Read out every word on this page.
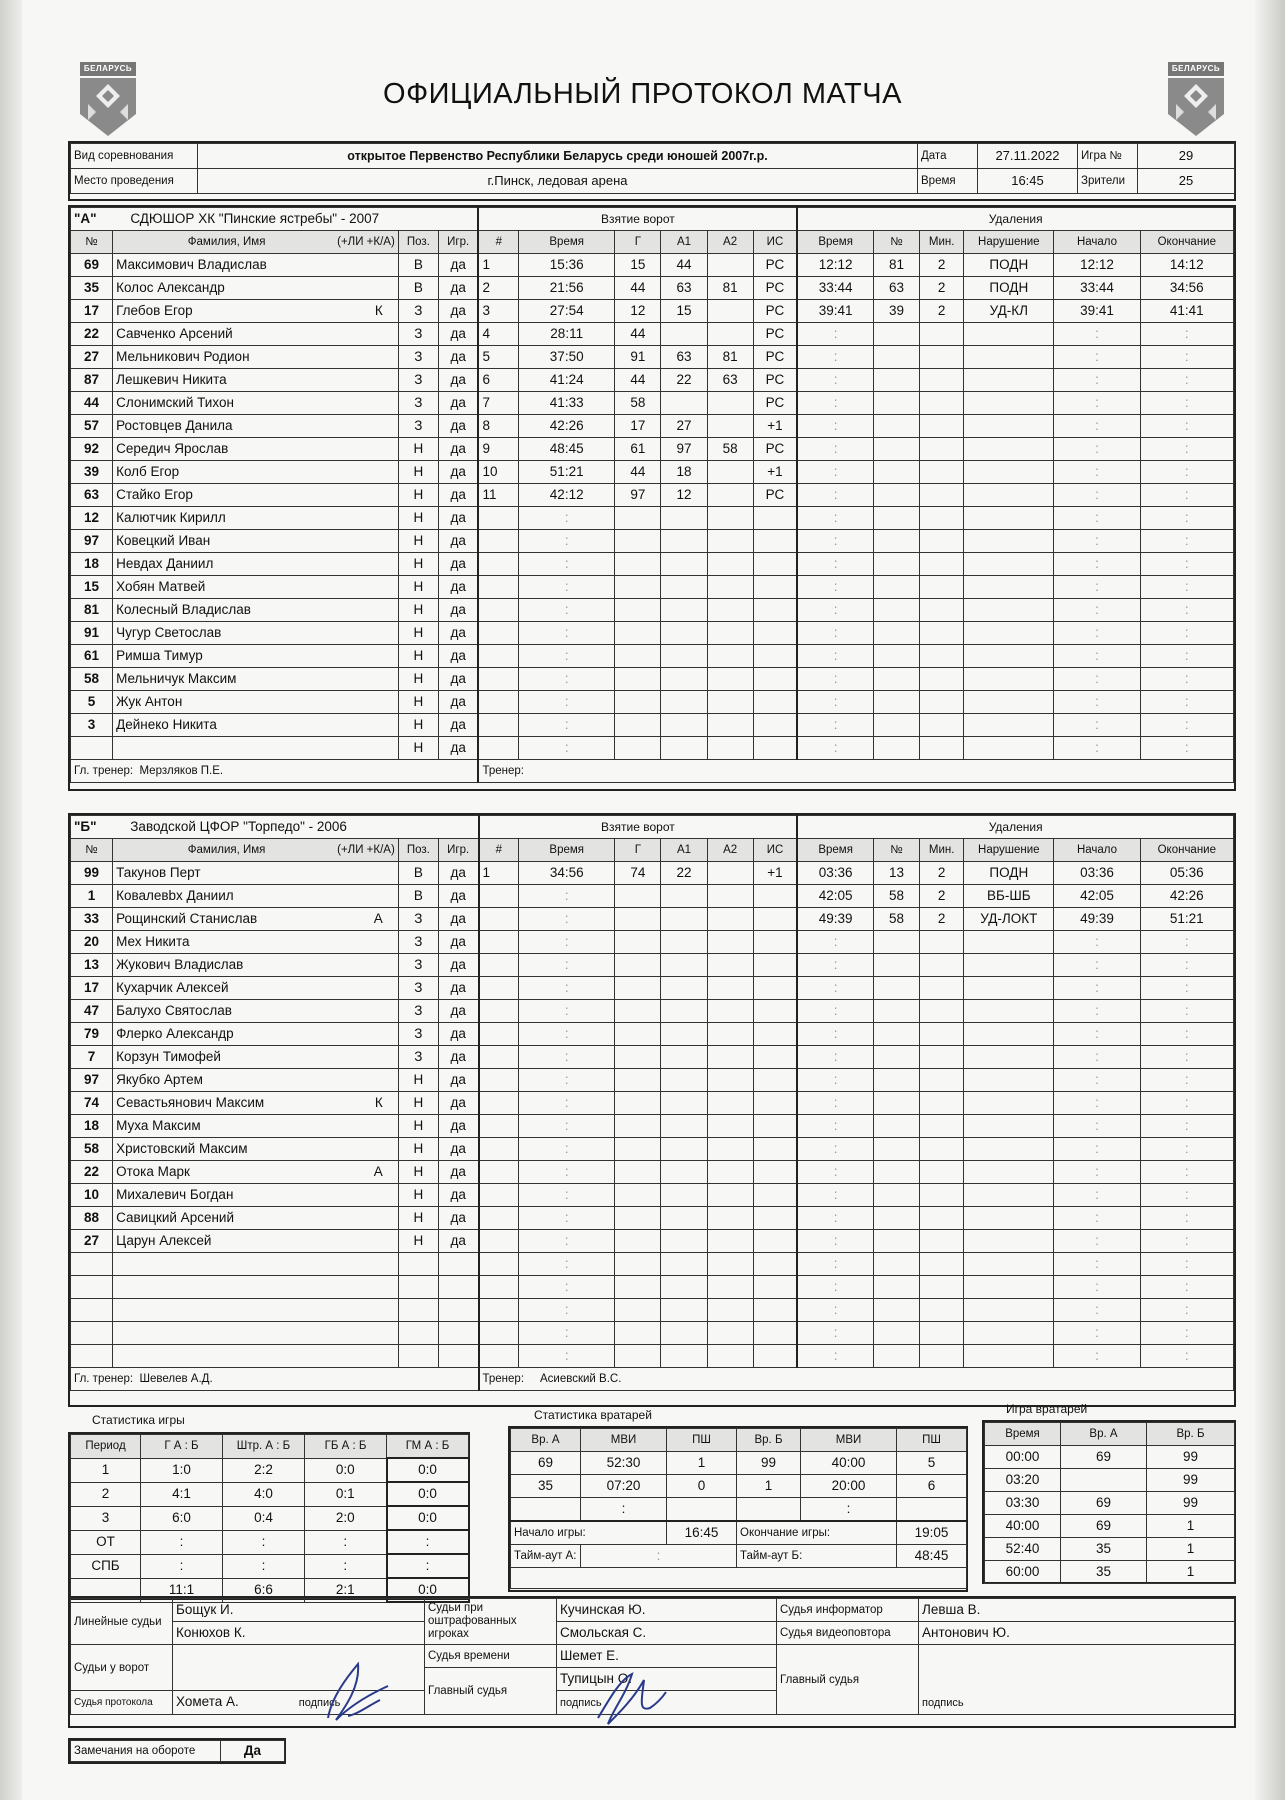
БЕЛАРУСЬ	БЕЛАРУСЬ
ОФИЦИАЛЬНЫЙ ПРОТОКОЛ МАТЧА
Вид соревнования	открытое Первенство Республики Беларусь среди юношей 2007г.р.	Дата	27.11.2022	Игра №	29
Место проведения	г.Пинск, ледовая арена	Время	16:45	Зрители	25
"А" СДЮШОР ХК "Пинские ястребы" - 2007				Взятие ворот						Удаления					
№	Фамилия, Имя (+ЛИ +К/А)	Поз.	Игр.	#	Время	Г	А1	А2	ИС	Время	№	Мин.	Нарушение	Начало	Окончание
69	Максимович Владислав	В	да	1	15:36	15	44		РС	12:12	81	2	ПОДН	12:12	14:12
35	Колос Александр	В	да	2	21:56	44	63	81	РС	33:44	63	2	ПОДН	33:44	34:56
17	Глебов Егор К	З	да	3	27:54	12	15		РС	39:41	39	2	УД-КЛ	39:41	41:41
22	Савченко Арсений	З	да	4	28:11	44			РС	:				:	:
27	Мельникович Родион	З	да	5	37:50	91	63	81	РС	:				:	:
87	Лешкевич Никита	З	да	6	41:24	44	22	63	РС	:				:	:
44	Слонимский Тихон	З	да	7	41:33	58			РС	:				:	:
57	Ростовцев Данила	З	да	8	42:26	17	27		+1	:				:	:
92	Середич Ярослав	Н	да	9	48:45	61	97	58	РС	:				:	:
39	Колб Егор	Н	да	10	51:21	44	18		+1	:				:	:
63	Стайко Егор	Н	да	11	42:12	97	12		РС	:				:	:
12	Калютчик Кирилл	Н	да		:					:				:	:
97	Ковецкий Иван	Н	да		:					:				:	:
18	Невдах Даниил	Н	да		:					:				:	:
15	Хобян Матвей	Н	да		:					:				:	:
81	Колесный Владислав	Н	да		:					:				:	:
91	Чугур Светослав	Н	да		:					:				:	:
61	Римша Тимур	Н	да		:					:				:	:
58	Мельничук Максим	Н	да		:					:				:	:
5	Жук Антон	Н	да		:					:				:	:
3	Дейнеко Никита	Н	да		:					:				:	:

	Н	да		:					:				:	:
Гл. тренер: Мерзляков П.Е.				Тренер:											
"Б" Заводской ЦФОР "Торпедо" - 2006				Взятие ворот						Удаления					
№	Фамилия, Имя (+ЛИ +К/А)	Поз.	Игр.	#	Время	Г	А1	А2	ИС	Время	№	Мин.	Нарушение	Начало	Окончание
99	Такунов Перт	В	да	1	34:56	74	22		+1	03:36	13	2	ПОДН	03:36	05:36
1	Ковалевbх Даниил	В	да		:					42:05	58	2	ВБ-ШБ	42:05	42:26
33	Рощинский Станислав А	З	да		:					49:39	58	2	УД-ЛОКТ	49:39	51:21
20	Мех Никита	З	да		:					:				:	:
13	Жукович Владислав	З	да		:					:				:	:
17	Кухарчик Алексей	З	да		:					:				:	:
47	Балухо Святослав	З	да		:					:				:	:
79	Флерко Александр	З	да		:					:				:	:
7	Корзун Тимофей	З	да		:					:				:	:
97	Якубко Артем	Н	да		:					:				:	:
74	Севастьянович Максим К	Н	да		:					:				:	:
18	Муха Максим	Н	да		:					:				:	:
58	Христовский Максим	Н	да		:					:				:	:
22	Отока Марк А	Н	да		:					:				:	:
10	Михалевич Богдан	Н	да		:					:				:	:
88	Савицкий Арсений	Н	да		:					:				:	:
27	Царун Алексей	Н	да		:					:				:	:

				:					:				:	:

				:					:				:	:

				:					:				:	:

				:					:				:	:

				:					:				:	:
Гл. тренер: Шевелев А.Д.				Тренер: Асиевский В.С.											
Статистика игры
Период	Г А : Б	Штр. А : Б	ГБ А : Б	ГМ А : Б
1	1:0	2:2	0:0	0:0
2	4:1	4:0	0:1	0:0
3	6:0	0:4	2:0	0:0
ОТ	:	:	:	:
СПБ	:	:	:	:
	11:1	6:6	2:1	0:0
Статистика вратарей
Вр. А	МВИ	ПШ	Вр. Б	МВИ	ПШ
69	52:30	1	99	40:00	5
35	07:20	0	1	20:00	6
	:			:	
Начало игры:		16:45	Окончание игры:		19:05
Тайм-аут А:	:		Тайм-аут Б:		48:45

Игра вратарей
Время	Вр. А	Вр. Б
00:00	69	99
03:20		99
03:30	69	99
40:00	69	1
52:40	35	1
60:00	35	1
Линейные судьи	Бощук И.	Судьи при оштрафованных игроках	Кучинская Ю.	Судья информатор	Левша В.
	Конюхов К.		Смольская С.	Судья видеоповтора	Антонович Ю.
Судьи у ворот		Судья времени	Шемет Е.	Главный судья	подпись
		Главный судья	Тупицын О.		
Судья протокола	Хомета А. подпись		подпись		
Замечания на обороте	Да
